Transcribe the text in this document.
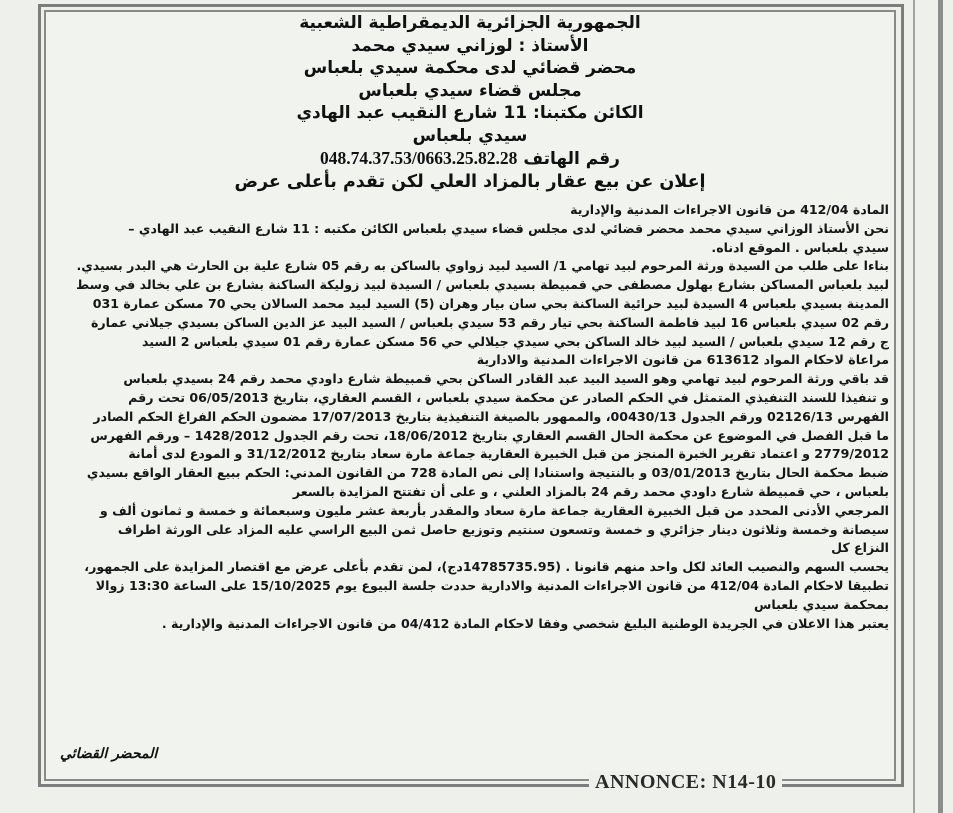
الجمهورية الجزائرية الديمقراطية الشعبية
الأستاذ : لوزاني سيدي محمد
محضر قضائي لدى محكمة سيدي بلعباس
مجلس قضاء سيدي بلعباس
الكائن مكتبنا: 11 شارع النقيب عبد الهادي
سيدي بلعباس
رقم الهاتف 048.74.37.53/0663.25.82.28
إعلان عن بيع عقار بالمزاد العلي لكن تقدم بأعلى عرض
المادة 412/04 من قانون الاجراءات المدنية والإدارية
نحن الأستاذ الوزاني سيدي محمد محضر قضائي لدى مجلس قضاء سيدي بلعباس الكائن مكتبه : 11 شارع النقيب عبد الهادي –
سيدي بلعباس . الموقع ادناه.
بناءا على طلب من السيدة ورثة المرحوم لبيد تهامي 1/ السيد لبيد زواوي بالساكن به رقم 05 شارع علية بن الحارث هي البدر بسيدي.
لبيد بلعباس المساكن بشارع بهلول مصطفى حي قمبيطة بسيدي بلعباس / السيدة لبيد زوليكة الساكنة بشارع بن علي بخالد في وسط
المدينة بسيدي بلعباس 4 السيدة لبيد حرائية الساكنة بحي سان بيار وهران (5) السيد لبيد محمد السالان يحي 70 مسكن عمارة 031
رقم 02 سيدي بلعباس 16 لبيد فاطمة الساكنة بحي تيار رقم 53 سيدي بلعباس / السيد البيد عز الدين الساكن بسيدي جيلاني عمارة
ج رقم 12 سيدي بلعباس / السيد لبيد خالد الساكن بحي سيدي جيلالي حي 56 مسكن عمارة رقم 01 سيدي بلعباس 2 السيد
مراعاة لاحكام المواد 613612 من قانون الاجراءات المدنية والادارية
قد باقي ورثة المرحوم لبيد تهامي وهو السيد البيد عبد القادر الساكن بحي قمبيطة شارع داودي محمد رقم 24 بسيدي بلعباس
و تنفيذا للسند التنفيذي المتمثل في الحكم الصادر عن محكمة سيدي بلعباس ، القسم العقاري، بتاريخ 06/05/2013 تحت رقم
الفهرس 02126/13 ورقم الجدول 00430/13، والممهور بالصيغة التنفيذية بتاريخ 17/07/2013 مضمون الحكم الفراغ الحكم الصادر
ما قبل الفصل في الموضوع عن محكمة الحال القسم العقاري بتاريخ 18/06/2012، تحت رقم الجدول 1428/2012 – ورقم الفهرس
2779/2012 و اعتماد تقرير الخبرة المنجز من قبل الخبيرة العقارية جماعة مارة سعاد بتاريخ 31/12/2012 و المودع لدى أمانة
ضبط محكمة الحال بتاريخ 03/01/2013 و بالنتيجة واستنادا إلى نص المادة 728 من القانون المدني: الحكم ببيع العقار الواقع بسيدي
بلعباس ، حي قمبيطة شارع داودي محمد رقم 24 بالمزاد العلني ، و على أن تفتتح المزايدة بالسعر
المرجعي الأدنى المحدد من قبل الخبيرة العقارية جماعة مارة سعاد والمقدر بأربعة عشر مليون وسبعمائة و خمسة و ثمانون ألف و
سيصانة وخمسة وثلاثون دينار جزائري و خمسة وتسعون سنتيم وتوزيع حاصل ثمن البيع الراسي عليه المزاد على الورثة اطراف
النزاع كل
يحسب السهم والنصيب العائد لكل واحد منهم قانونا . (14785735.95دج)، لمن تقدم بأعلى عرض مع اقتصار المزايدة على الجمهور،
تطبيقا لاحكام المادة 412/04 من قانون الاجراءات المدنية والادارية حددت جلسة البيوع يوم 15/10/2025 على الساعة 13:30 زوالا
بمحكمة سيدي بلعباس
يعتبر هذا الاعلان في الجريدة الوطنية البليغ شخصي وفقا لاحكام المادة 04/412 من قانون الاجراءات المدنية والإدارية .
المحضر القضائي
ANNONCE: N14-10
